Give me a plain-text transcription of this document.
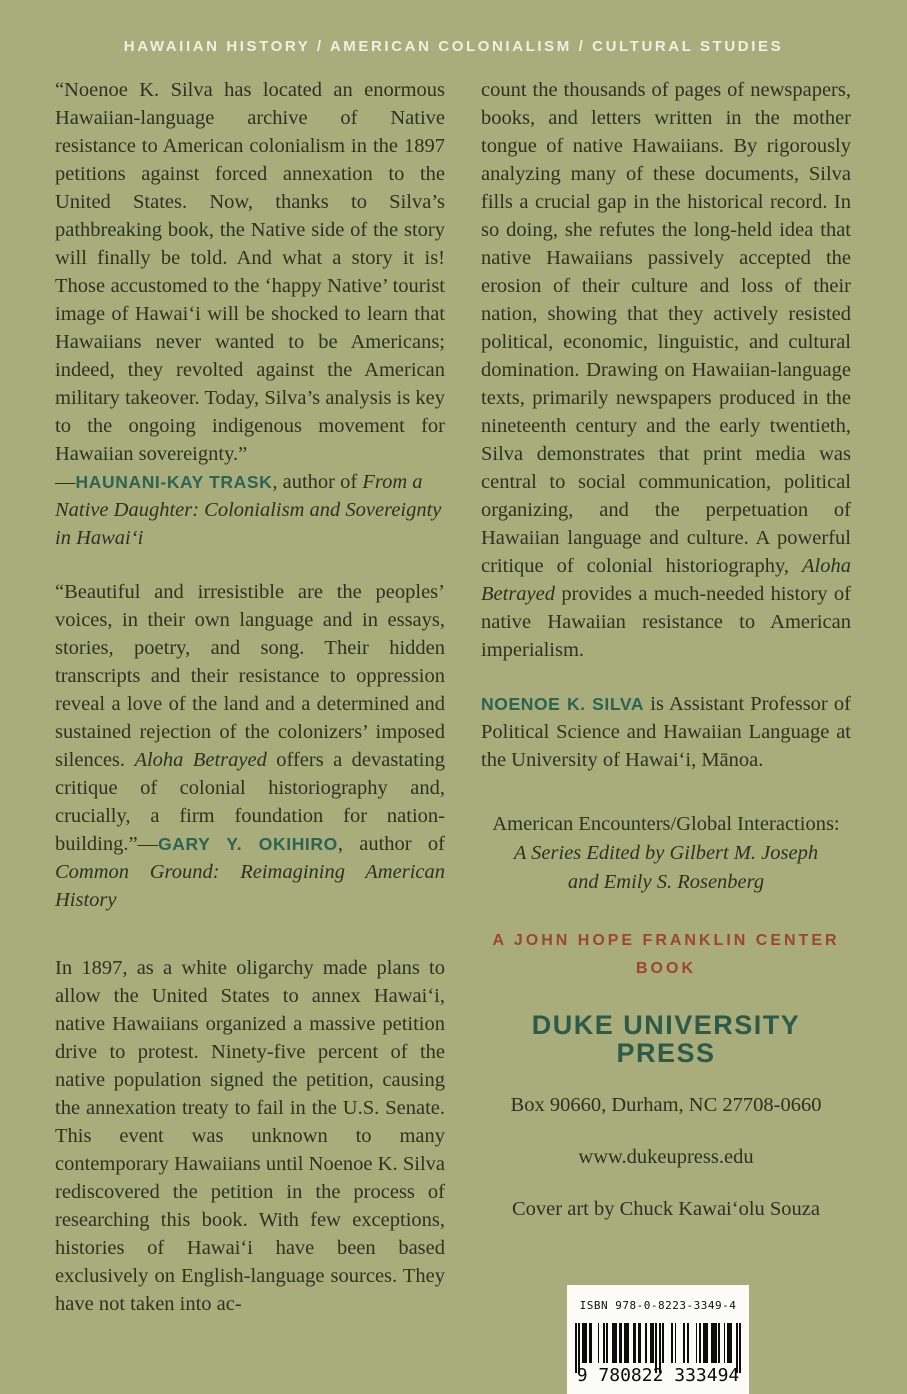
HAWAIIAN HISTORY / AMERICAN COLONIALISM / CULTURAL STUDIES

“Noenoe K. Silva has located an enormous Hawaiian-language archive of Native resistance to American colonialism in the 1897 petitions against forced annexation to the United States. Now, thanks to Silva’s pathbreaking book, the Native side of the story will finally be told. And what a story it is! Those accustomed to the ‘happy Native’ tourist image of Hawaiʻi will be shocked to learn that Hawaiians never wanted to be Americans; indeed, they revolted against the American military takeover. Today, Silva’s analysis is key to the ongoing indigenous movement for Hawaiian sovereignty.”

—HAUNANI-KAY TRASK, author of From a Native Daughter: Colonialism and Sovereignty in Hawaiʻi

“Beautiful and irresistible are the peoples’ voices, in their own language and in essays, stories, poetry, and song. Their hidden transcripts and their resistance to oppression reveal a love of the land and a determined and sustained rejection of the colonizers’ imposed silences. Aloha Betrayed offers a devastating critique of colonial historiography and, crucially, a firm foundation for nation-building.”—GARY Y. OKIHIRO, author of Common Ground: Reimagining American History

In 1897, as a white oligarchy made plans to allow the United States to annex Hawaiʻi, native Hawaiians organized a massive petition drive to protest. Ninety-five percent of the native population signed the petition, causing the annexation treaty to fail in the U.S. Senate. This event was unknown to many contemporary Hawaiians until Noenoe K. Silva rediscovered the petition in the process of researching this book. With few exceptions, histories of Hawaiʻi have been based exclusively on English-language sources. They have not taken into ac-

count the thousands of pages of newspapers, books, and letters written in the mother tongue of native Hawaiians. By rigorously analyzing many of these documents, Silva fills a crucial gap in the historical record. In so doing, she refutes the long-held idea that native Hawaiians passively accepted the erosion of their culture and loss of their nation, showing that they actively resisted political, economic, linguistic, and cultural domination. Drawing on Hawaiian-language texts, primarily newspapers produced in the nineteenth century and the early twentieth, Silva demonstrates that print media was central to social communication, political organizing, and the perpetuation of Hawaiian language and culture. A powerful critique of colonial historiography, Aloha Betrayed provides a much-needed history of native Hawaiian resistance to American imperialism.

NOENOE K. SILVA is Assistant Professor of Political Science and Hawaiian Language at the University of Hawaiʻi, Mānoa.

American Encounters/Global Interactions:
A Series Edited by Gilbert M. Joseph
and Emily S. Rosenberg
A JOHN HOPE FRANKLIN CENTER BOOK
DUKE UNIVERSITY PRESS
Box 90660, Durham, NC 27708-0660
www.dukeupress.edu
Cover art by Chuck Kawaiʻolu Souza
ISBN 978-0-8223-3349-4
9 780822 333494
